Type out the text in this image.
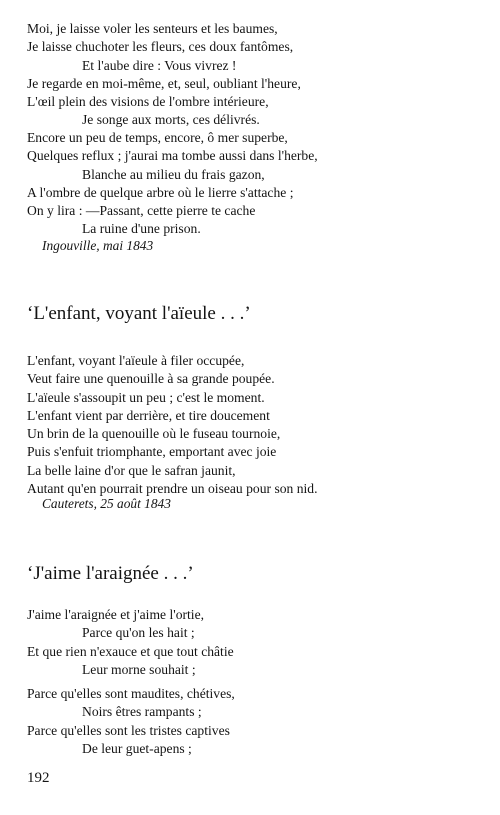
Moi, je laisse voler les senteurs et les baumes,
Je laisse chuchoter les fleurs, ces doux fantômes,
Et l'aube dire : Vous vivrez !
Je regarde en moi-même, et, seul, oubliant l'heure,
L'œil plein des visions de l'ombre intérieure,
Je songe aux morts, ces délivrés.
Encore un peu de temps, encore, ô mer superbe,
Quelques reflux ; j'aurai ma tombe aussi dans l'herbe,
Blanche au milieu du frais gazon,
A l'ombre de quelque arbre où le lierre s'attache ;
On y lira : —Passant, cette pierre te cache
La ruine d'une prison.
Ingouville, mai 1843
‘L'enfant, voyant l'aïeule . . .’
L'enfant, voyant l'aïeule à filer occupée,
Veut faire une quenouille à sa grande poupée.
L'aïeule s'assoupit un peu ; c'est le moment.
L'enfant vient par derrière, et tire doucement
Un brin de la quenouille où le fuseau tournoie,
Puis s'enfuit triomphante, emportant avec joie
La belle laine d'or que le safran jaunit,
Autant qu'en pourrait prendre un oiseau pour son nid.
Cauterets, 25 août 1843
‘J'aime l'araignée . . .’
J'aime l'araignée et j'aime l'ortie,
Parce qu'on les hait ;
Et que rien n'exauce et que tout châtie
Leur morne souhait ;
Parce qu'elles sont maudites, chétives,
Noirs êtres rampants ;
Parce qu'elles sont les tristes captives
De leur guet-apens ;
192
